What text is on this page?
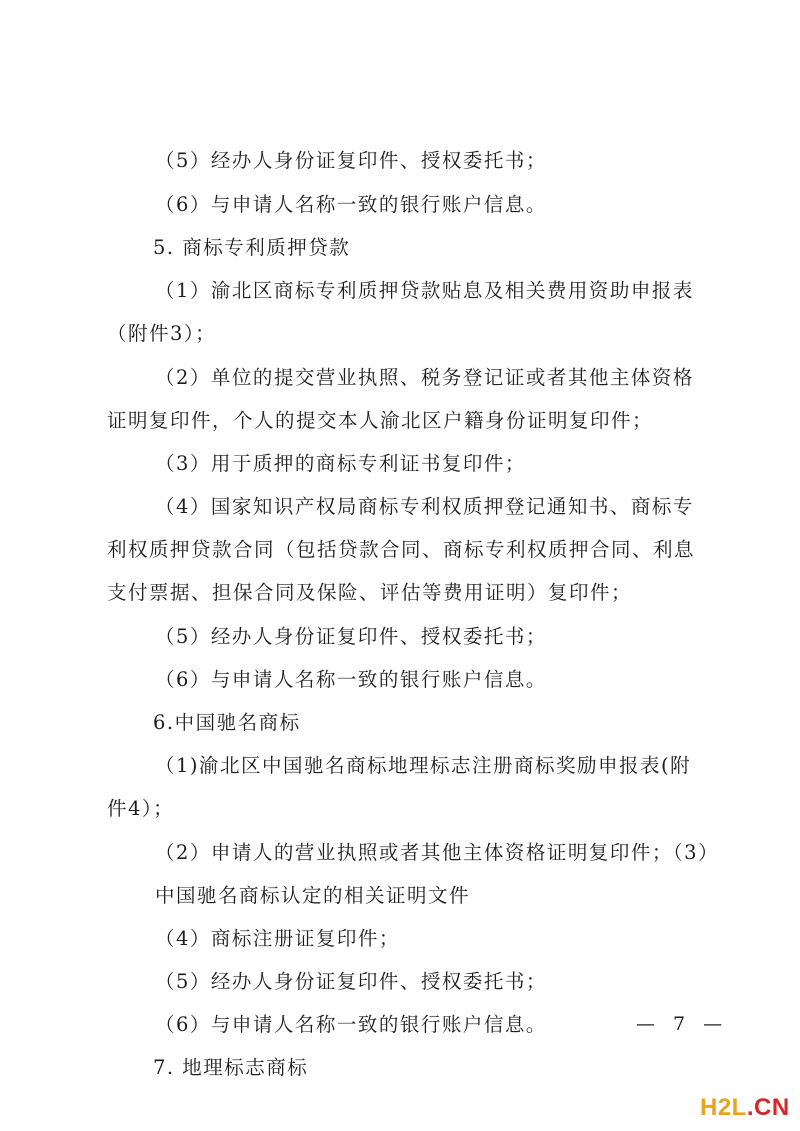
（5）经办人身份证复印件、授权委托书；

（6）与申请人名称一致的银行账户信息。

5. 商标专利质押贷款

（1）渝北区商标专利质押贷款贴息及相关费用资助申报表

（附件3）；

（2）单位的提交营业执照、税务登记证或者其他主体资格

证明复印件，个人的提交本人渝北区户籍身份证明复印件；

（3）用于质押的商标专利证书复印件；

（4）国家知识产权局商标专利权质押登记通知书、商标专

利权质押贷款合同（包括贷款合同、商标专利权质押合同、利息

支付票据、担保合同及保险、评估等费用证明）复印件；

（5）经办人身份证复印件、授权委托书；

（6）与申请人名称一致的银行账户信息。

6.中国驰名商标

（1)渝北区中国驰名商标地理标志注册商标奖励申报表(附

件4）；

（2）申请人的营业执照或者其他主体资格证明复印件；（3）

中国驰名商标认定的相关证明文件

（4）商标注册证复印件；

（5）经办人身份证复印件、授权委托书；

（6）与申请人名称一致的银行账户信息。

7. 地理标志商标

— 7 —

H2L.CN
